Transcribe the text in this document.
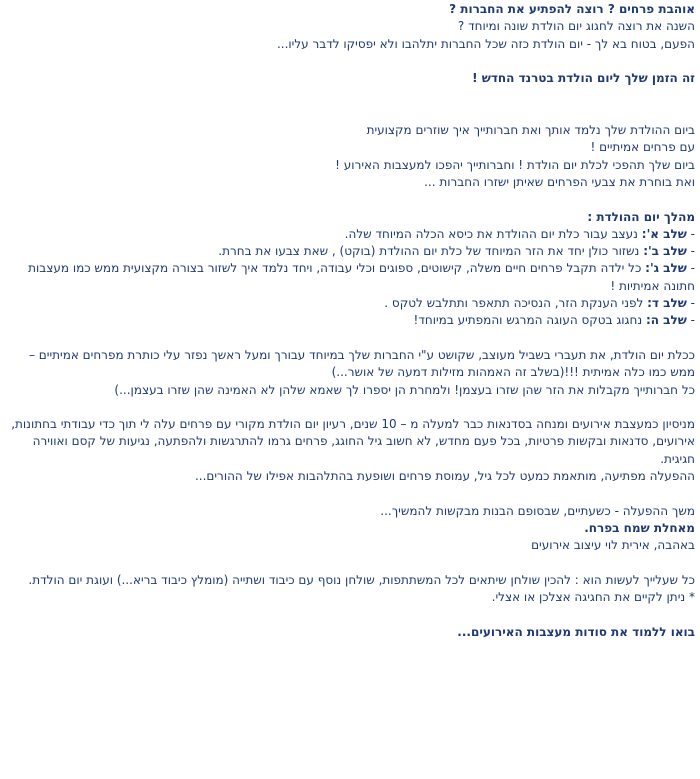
אוהבת פרחים ? רוצה להפתיע את החברות ?
השנה את רוצה לחגוג יום הולדת שונה ומיוחד ?
הפעם, בטוח בא לך - יום הולדת כזה שכל החברות יתלהבו ולא יפסיקו לדבר עליו...
זה הזמן שלך ליום הולדת בטרנד החדש !
ביום ההולדת שלך נלמד אותך ואת חברותייך איך שוזרים מקצועית
עם פרחים אמיתיים !
ביום שלך תהפכי לכלת יום הולדת ! וחברותייך יהפכו למעצבות האירוע !
ואת בוחרת את צבעי הפרחים שאיתן ישזרו החברות ...
מהלך יום ההולדת :
- שלב א': נעצב עבור כלת יום ההולדת את כיסא הכלה המיוחד שלה.
- שלב ב': נשזור כולן יחד את הזר המיוחד של כלת יום ההולדת (בוקט) , שאת צבעו את בחרת.
- שלב ג': כל ילדה תקבל פרחים חיים משלה, קישוטים, ספוגים וכלי עבודה, ויחד נלמד איך לשזור בצורה מקצועית ממש כמו מעצבות חתונה אמיתיות !
- שלב ד: לפני הענקת הזר, הנסיכה תתאפר ותתלבש לטקס .
- שלב ה: נחגוג בטקס העוגה המרגש והמפתיע במיוחד!
ככלת יום הולדת, את תעברי בשביל מעוצב, שקושט ע"י החברות שלך במיוחד עבורך ומעל ראשך נפזר עלי כותרת מפרחים אמיתיים – ממש כמו כלה אמיתית !!!(בשלב זה האמהות מזילות דמעה של אושר...)
כל חברותייך מקבלות את הזר שהן שזרו בעצמן! ולמחרת הן יספרו לך שאמא שלהן לא האמינה שהן שזרו בעצמן...)
מניסיון כמעצבת אירועים ומנחה בסדנאות כבר למעלה מ – 10 שנים, רעיון יום הולדת מקורי עם פרחים עלה לי תוך כדי עבודתי בחתונות, אירועים, סדנאות ובקשות פרטיות, בכל פעם מחדש, לא חשוב גיל החוגג, פרחים גרמו להתרגשות ולהפתעה, נגיעות של קסם ואווירה חגיגית.
ההפעלה מפתיעה, מותאמת כמעט לכל גיל, עמוסת פרחים ושופעת בהתלהבות אפילו של ההורים...
משך ההפעלה - כשעתיים, שבסופם הבנות מבקשות להמשיך...
מאחלת שמח בפרח.
באהבה, אירית לוי עיצוב אירועים
כל שעלייך לעשות הוא : להכין שולחן שיתאים לכל המשתתפות, שולחן נוסף עם כיבוד ושתייה (מומלץ כיבוד בריא...) ועוגת יום הולדת.
* ניתן לקיים את החגיגה אצלכן או אצלי.
בואו ללמוד את סודות מעצבות האירועים...
